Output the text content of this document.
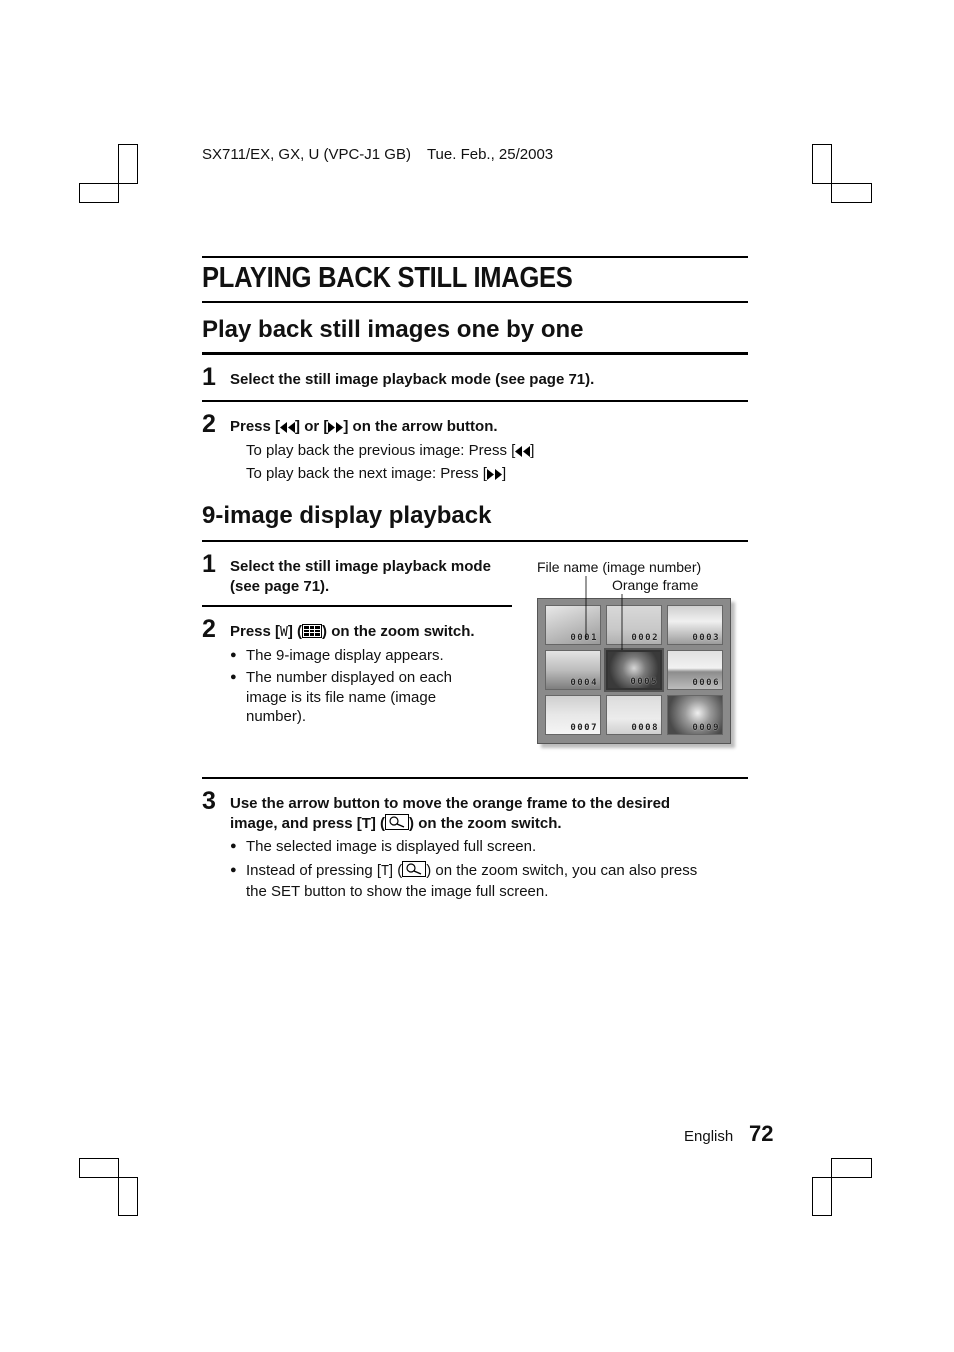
SX711/EX, GX, U (VPC-J1 GB) Tue. Feb., 25/2003
PLAYING BACK STILL IMAGES
Play back still images one by one
1 Select the still image playback mode (see page 71).
2 Press [ ] or [ ] on the arrow button.
To play back the previous image: Press [ ]
To play back the next image: Press [ ]
9-image display playback
1 Select the still image playback mode
(see page 71).
2 Press [W] ( ) on the zoom switch.
● The 9-image display appears.
● The number displayed on each
image is its file name (image
number).
File name (image number)
Orange frame
0001	0002	0003
0004	0005	0006
0007	0008	0009
3 Use the arrow button to move the orange frame to the desired
image, and press [T] ( ) on the zoom switch.
● The selected image is displayed full screen.
● Instead of pressing [T] ( ) on the zoom switch, you can also press
the SET button to show the image full screen.
English 72
